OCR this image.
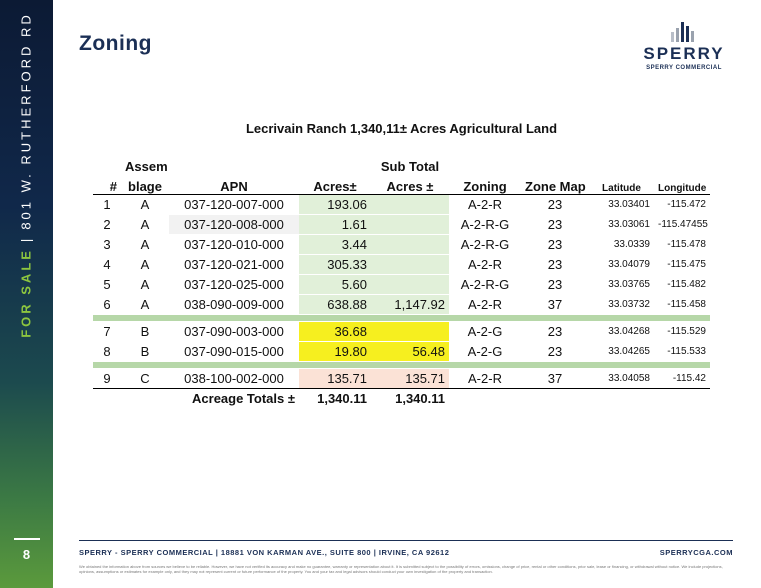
FOR SALE|801 W. RUTHERFORD RD
8
Zoning	SPERRY
SPERRY COMMERCIAL
Lecrivain Ranch 1,340,11± Acres Agricultural Land
	Assem			Sub Total				
#	blage	APN	Acres±	Acres ±	Zoning	Zone Map	Latitude	Longitude
1	A	037-120-007-000	193.06		A-2-R	23	33.03401	-115.472
2	A	037-120-008-000	1.61		A-2-R-G	23	33.03061	-115.47455
3	A	037-120-010-000	3.44		A-2-R-G	23	33.0339	-115.478
4	A	037-120-021-000	305.33		A-2-R	23	33.04079	-115.475
5	A	037-120-025-000	5.60		A-2-R-G	23	33.03765	-115.482
6	A	038-090-009-000	638.88	1,147.92	A-2-R	37	33.03732	-115.458

7	B	037-090-003-000	36.68		A-2-G	23	33.04268	-115.529
8	B	037-090-015-000	19.80	56.48	A-2-G	23	33.04265	-115.533

9	C	038-100-002-000	135.71	135.71	A-2-R	37	33.04058	-115.42
Acreage Totals ±			1,340.11	1,340.11				
SPERRY - SPERRY COMMERCIAL | 18881 VON KARMAN AVE., SUITE 800 | IRVINE, CA 92612	SPERRYCGA.COM
We obtained the information above from sources we believe to be reliable. However, we have not verified its accuracy and make no guarantee, warranty or representation about it. It is submitted subject to the possibility of errors, omissions, change of price, rental or other conditions, prior sale, lease or financing, or withdrawal without notice. We include projections, opinions, assumptions or estimates for example only, and they may not represent current or future performance of the property. You and your tax and legal advisors should conduct your own investigation of the property and transaction.
